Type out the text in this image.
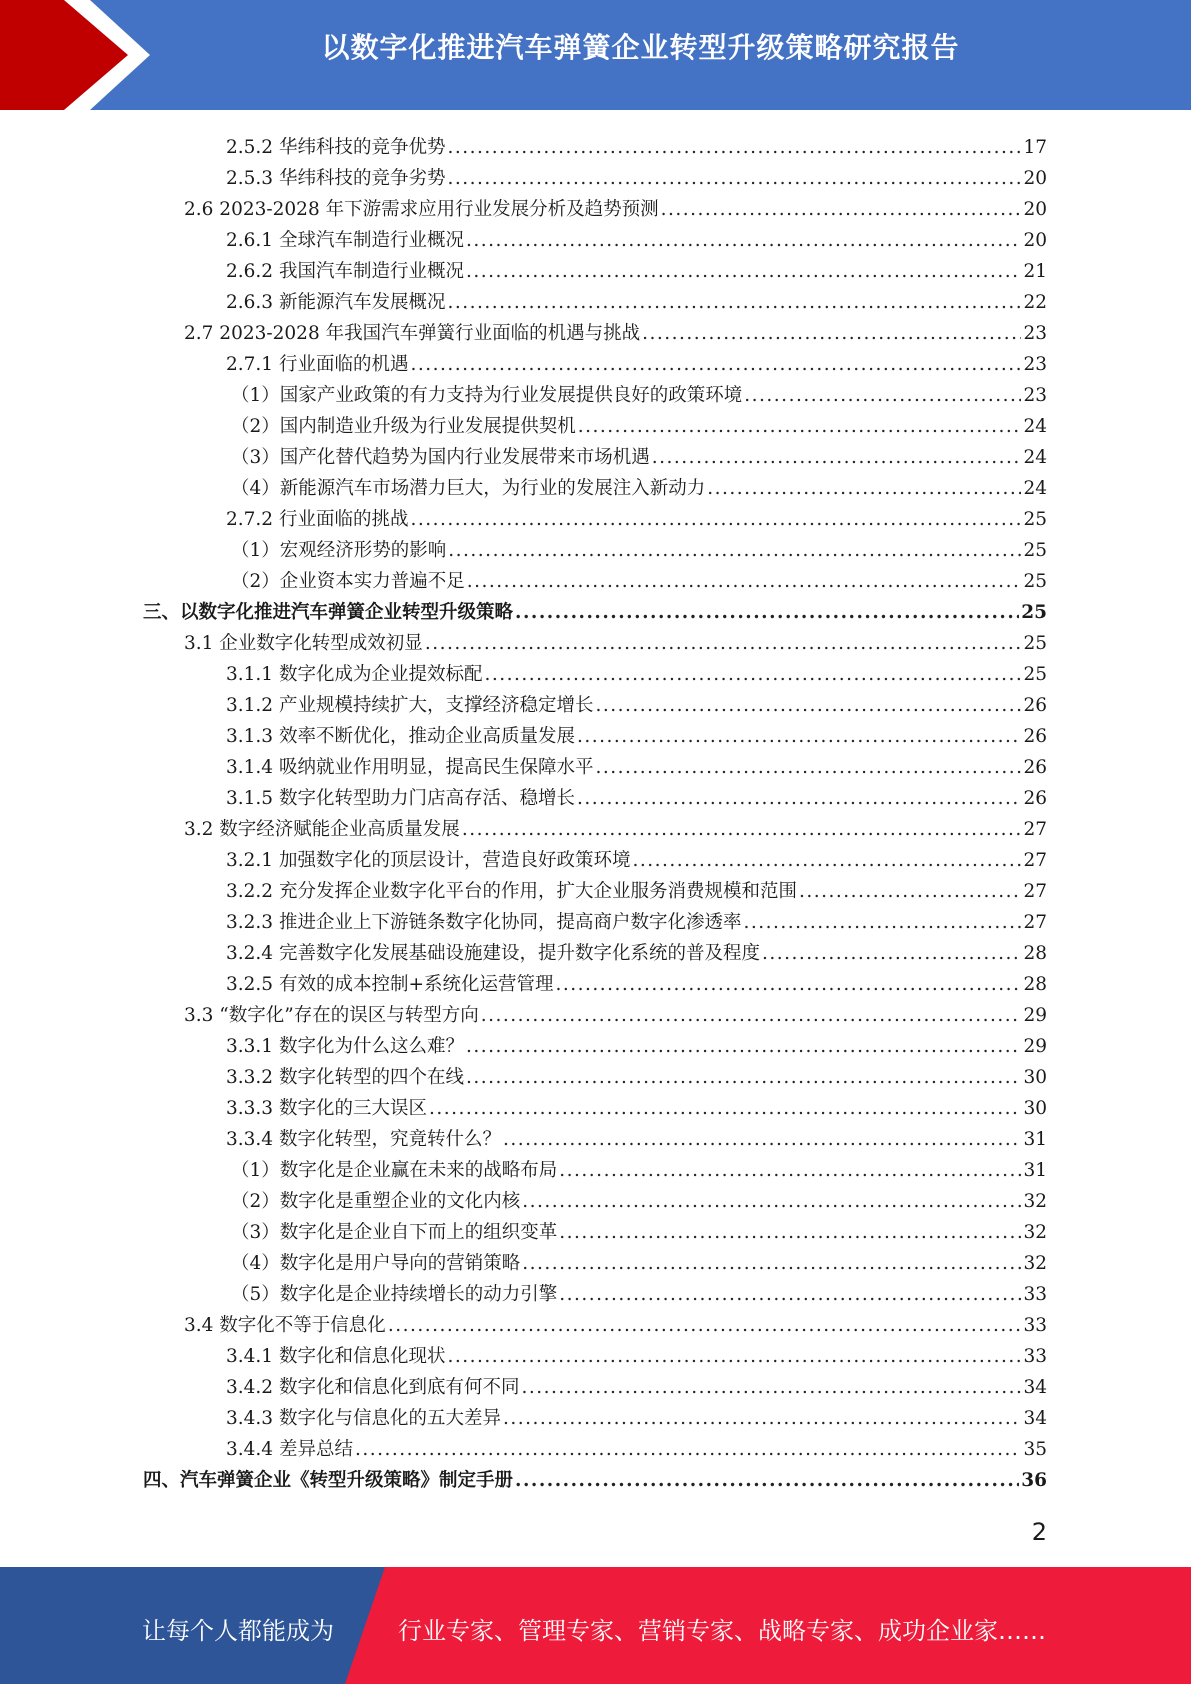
以数字化推进汽车弹簧企业转型升级策略研究报告
2.5.2 华纬科技的竞争优势 .....	17
2.5.3 华纬科技的竞争劣势 .....	20
2.6 2023-2028 年下游需求应用行业发展分析及趋势预测 .....	20
2.6.1 全球汽车制造行业概况 .....	20
2.6.2 我国汽车制造行业概况 .....	21
2.6.3 新能源汽车发展概况 .....	22
2.7 2023-2028 年我国汽车弹簧行业面临的机遇与挑战 .....	23
2.7.1 行业面临的机遇 .....	23
（1）国家产业政策的有力支持为行业发展提供良好的政策环境 .....	23
（2）国内制造业升级为行业发展提供契机 .....	24
（3）国产化替代趋势为国内行业发展带来市场机遇 .....	24
（4）新能源汽车市场潜力巨大，为行业的发展注入新动力 .....	24
2.7.2 行业面临的挑战 .....	25
（1）宏观经济形势的影响 .....	25
（2）企业资本实力普遍不足 .....	25
三、以数字化推进汽车弹簧企业转型升级策略 .....	25
3.1 企业数字化转型成效初显 .....	25
3.1.1 数字化成为企业提效标配 .....	25
3.1.2 产业规模持续扩大，支撑经济稳定增长 .....	26
3.1.3 效率不断优化，推动企业高质量发展 .....	26
3.1.4 吸纳就业作用明显，提高民生保障水平 .....	26
3.1.5 数字化转型助力门店高存活、稳增长 .....	26
3.2 数字经济赋能企业高质量发展 .....	27
3.2.1 加强数字化的顶层设计，营造良好政策环境 .....	27
3.2.2 充分发挥企业数字化平台的作用，扩大企业服务消费规模和范围 .....	27
3.2.3 推进企业上下游链条数字化协同，提高商户数字化渗透率 .....	27
3.2.4 完善数字化发展基础设施建设，提升数字化系统的普及程度 .....	28
3.2.5 有效的成本控制+系统化运营管理 .....	28
3.3 “数字化”存在的误区与转型方向 .....	29
3.3.1 数字化为什么这么难？ .....	29
3.3.2 数字化转型的四个在线 .....	30
3.3.3 数字化的三大误区 .....	30
3.3.4 数字化转型，究竟转什么？ .....	31
（1）数字化是企业赢在未来的战略布局 .....	31
（2）数字化是重塑企业的文化内核 .....	32
（3）数字化是企业自下而上的组织变革 .....	32
（4）数字化是用户导向的营销策略 .....	32
（5）数字化是企业持续增长的动力引擎 .....	33
3.4 数字化不等于信息化 .....	33
3.4.1 数字化和信息化现状 .....	33
3.4.2 数字化和信息化到底有何不同 .....	34
3.4.3 数字化与信息化的五大差异 .....	34
3.4.4 差异总结 .....	35
四、汽车弹簧企业《转型升级策略》制定手册 .....	36
2
让每个人都能成为	行业专家、管理专家、营销专家、战略专家、成功企业家……
